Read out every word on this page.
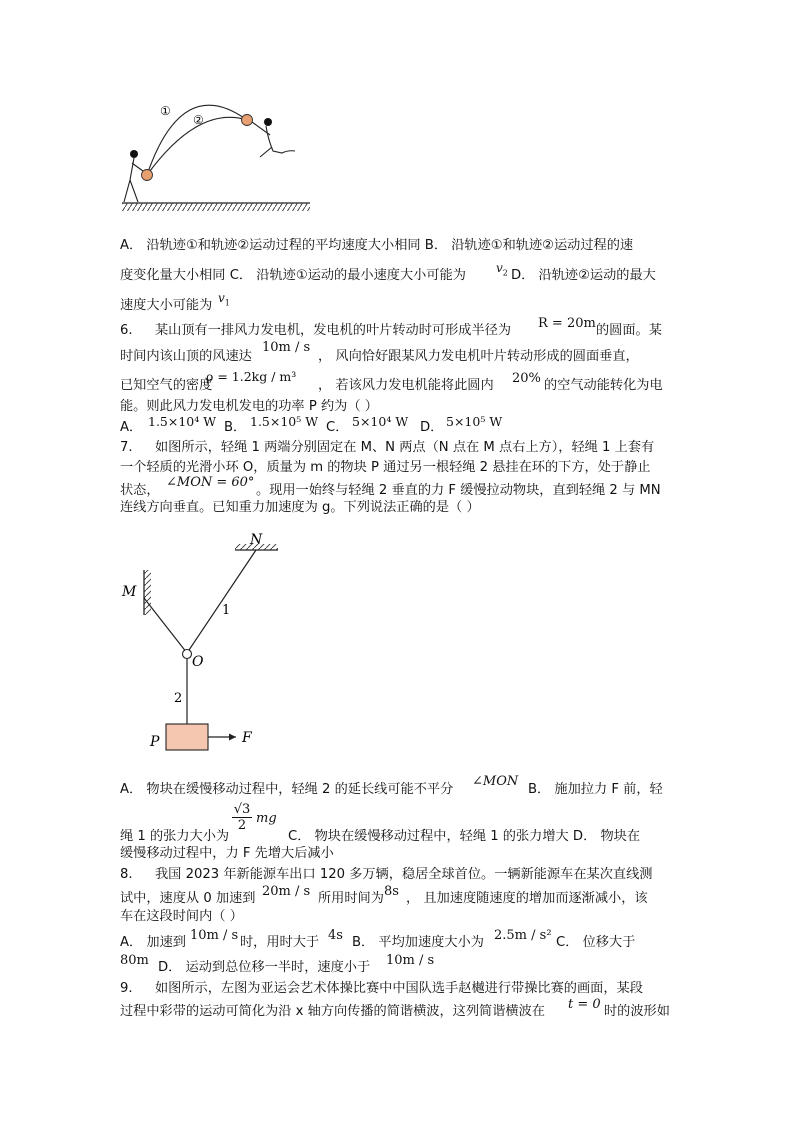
①
②
A． 沿轨迹①和轨迹②运动过程的平均速度大小相同 B． 沿轨迹①和轨迹②运动过程的速
度变化量大小相同 C． 沿轨迹①运动的最小速度大小可能为	$v_2$ D． 沿轨迹②运动的最大
速度大小可能为 $v_1$
6. 某山顶有一排风力发电机，发电机的叶片转动时可形成半径为 R = 20m 的圆面。某
时间内该山顶的风速达
10m / s
， 风向恰好跟某风力发电机叶片转动形成的圆面垂直，
已知空气的密度
ρ = 1.2kg / m³
， 若该风力发电机能将此圆内 20% 的空气动能转化为电
能。则此风力发电机发电的功率 P 约为（ ）
A． 1.5×10⁴ W B． 1.5×10⁵ W C． 5×10⁴ W D． 5×10⁵ W
7. 如图所示，轻绳 1 两端分别固定在 M、N 两点（N 点在 M 点右上方），轻绳 1 上套有
一个轻质的光滑小环 O，质量为 m 的物块 P 通过另一根轻绳 2 悬挂在环的下方，处于静止
状态，
∠MON = 60°
。现用一始终与轻绳 2 垂直的力 F 缓慢拉动物块，直到轻绳 2 与 MN
连线方向垂直。已知重力加速度为 g。下列说法正确的是（ ）
M
N
O
P	F
1
2
A． 物块在缓慢移动过程中，轻绳 2 的延长线可能不平分
∠MON
B． 施加拉力 F 前，轻
绳 1 的张力大小为
$\frac{√3}{2}$ mg
C． 物块在缓慢移动过程中，轻绳 1 的张力增大 D． 物块在
缓慢移动过程中，力 F 先增大后减小
8. 我国 2023 年新能源车出口 120 多万辆，稳居全球首位。一辆新能源车在某次直线测
试中，速度从 0 加速到 20m / s 所用时间为 8s ， 且加速度随速度的增加而逐渐减小，该
车在这段时间内（ ）
A． 加速到 10m / s 时，用时大于 4s B． 平均加速度大小为 2.5m / s² C． 位移大于
80m D． 运动到总位移一半时，速度小于 10m / s
9. 如图所示，左图为亚运会艺术体操比赛中中国队选手赵樾进行带操比赛的画面，某段
过程中彩带的运动可简化为沿 x 轴方向传播的简谐横波，这列简谐横波在 t = 0 时的波形如
